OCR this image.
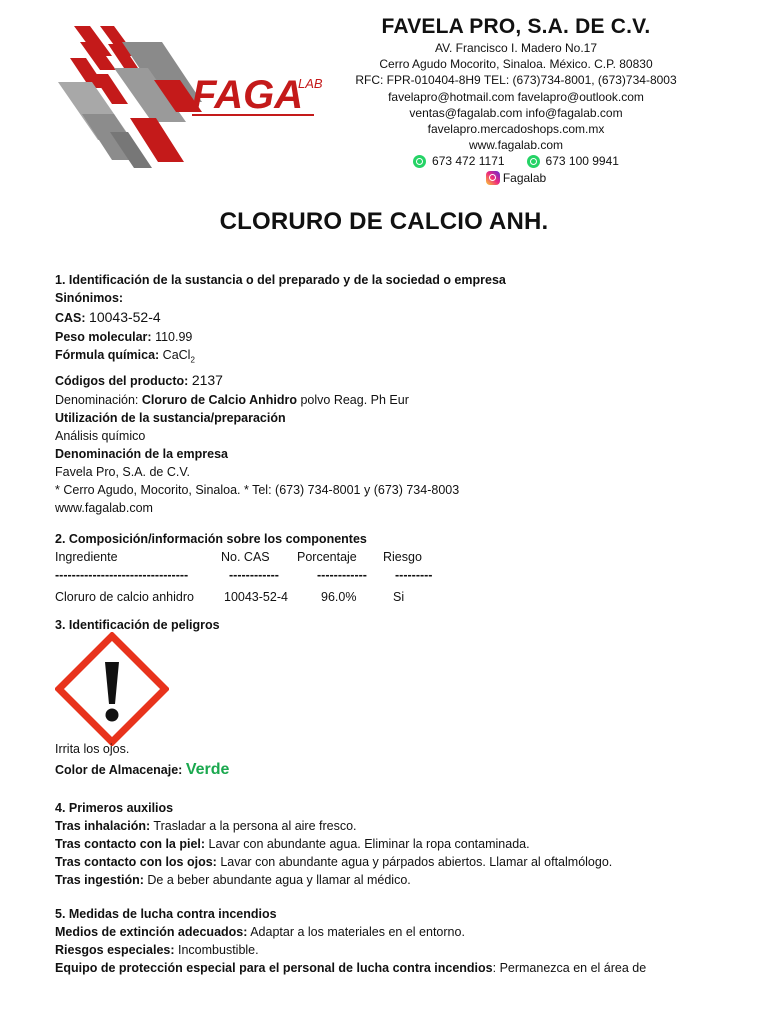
FAGA
LAB
FAVELA PRO, S.A. DE C.V.
AV. Francisco I. Madero No.17
Cerro Agudo Mocorito, Sinaloa. México. C.P. 80830
RFC: FPR-010404-8H9 TEL: (673)734-8001, (673)734-8003
favelapro@hotmail.com favelapro@outlook.com
ventas@fagalab.com info@fagalab.com
favelapro.mercadoshops.com.mx
www.fagalab.com
673 472 1171	673 100 9941
Fagalab
CLORURO DE CALCIO ANH.
1. Identificación de la sustancia o del preparado y de la sociedad o empresa
Sinónimos:
CAS: 10043-52-4
Peso molecular: 110.99
Fórmula química: CaCl$_2$
Códigos del producto: 2137
Denominación: Cloruro de Calcio Anhidro polvo Reag. Ph Eur
Utilización de la sustancia/preparación
Análisis químico
Denominación de la empresa
Favela Pro, S.A. de C.V.
* Cerro Agudo, Mocorito, Sinaloa. * Tel: (673) 734-8001 y (673) 734-8003
www.fagalab.com
2. Composición/información sobre los componentes
Ingrediente	No. CAS	Porcentaje	Riesgo
--------------------------------	------------	------------	---------
Cloruro de calcio anhidro	10043-52-4	96.0%	Si
3. Identificación de peligros
Irrita los ojos.
Color de Almacenaje: Verde
4. Primeros auxilios
Tras inhalación: Trasladar a la persona al aire fresco.
Tras contacto con la piel: Lavar con abundante agua. Eliminar la ropa contaminada.
Tras contacto con los ojos: Lavar con abundante agua y párpados abiertos. Llamar al oftalmólogo.
Tras ingestión: De a beber abundante agua y llamar al médico.
5. Medidas de lucha contra incendios
Medios de extinción adecuados: Adaptar a los materiales en el entorno.
Riesgos especiales: Incombustible.
Equipo de protección especial para el personal de lucha contra incendios: Permanezca en el área de
